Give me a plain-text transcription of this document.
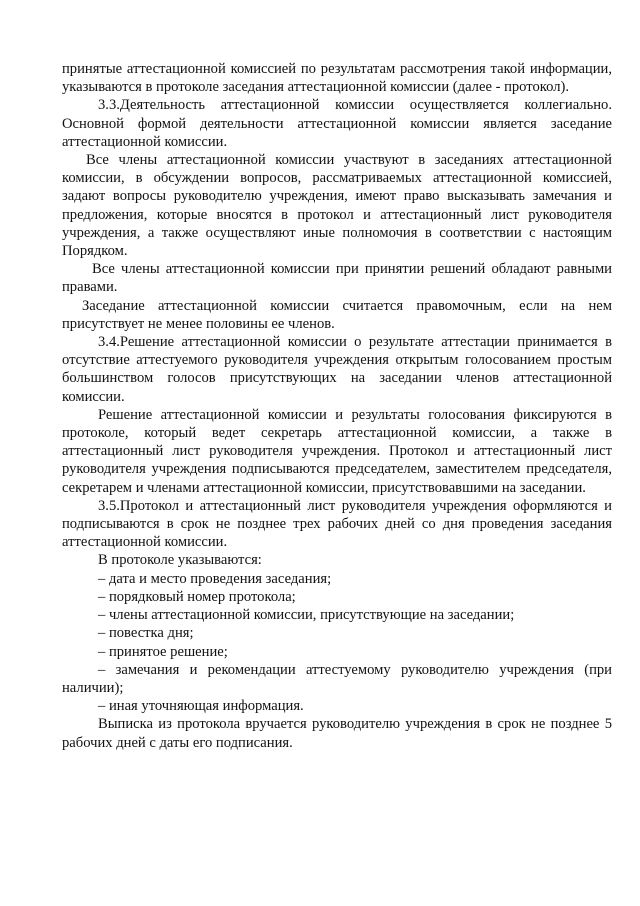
принятые аттестационной комиссией по результатам рассмотрения такой информации, указываются в протоколе заседания аттестационной комиссии (далее - протокол).

3.3.Деятельность аттестационной комиссии осуществляется коллегиально. Основной формой деятельности аттестационной комиссии является заседание аттестационной комиссии.

Все члены аттестационной комиссии участвуют в заседаниях аттестационной комиссии, в обсуждении вопросов, рассматриваемых аттестационной комиссией, задают вопросы руководителю учреждения, имеют право высказывать замечания и предложения, которые вносятся в протокол и аттестационный лист руководителя учреждения, а также осуществляют иные полномочия в соответствии с настоящим Порядком.

Все члены аттестационной комиссии при принятии решений обладают равными правами.

Заседание аттестационной комиссии считается правомочным, если на нем присутствует не менее половины ее членов.

3.4.Решение аттестационной комиссии о результате аттестации принимается в отсутствие аттестуемого руководителя учреждения открытым голосованием простым большинством голосов присутствующих на заседании членов аттестационной комиссии.

Решение аттестационной комиссии и результаты голосования фиксируются в протоколе, который ведет секретарь аттестационной комиссии, а также в аттестационный лист руководителя учреждения. Протокол и аттестационный лист руководителя учреждения подписываются председателем, заместителем председателя, секретарем и членами аттестационной комиссии, присутствовавшими на заседании.

3.5.Протокол и аттестационный лист руководителя учреждения оформляются и подписываются в срок не позднее трех рабочих дней со дня проведения заседания аттестационной комиссии.

В протоколе указываются:

– дата и место проведения заседания;

– порядковый номер протокола;

– члены аттестационной комиссии, присутствующие на заседании;

– повестка дня;

– принятое решение;

– замечания и рекомендации аттестуемому руководителю учреждения (при наличии);

– иная уточняющая информация.

Выписка из протокола вручается руководителю учреждения в срок не позднее 5 рабочих дней с даты его подписания.
